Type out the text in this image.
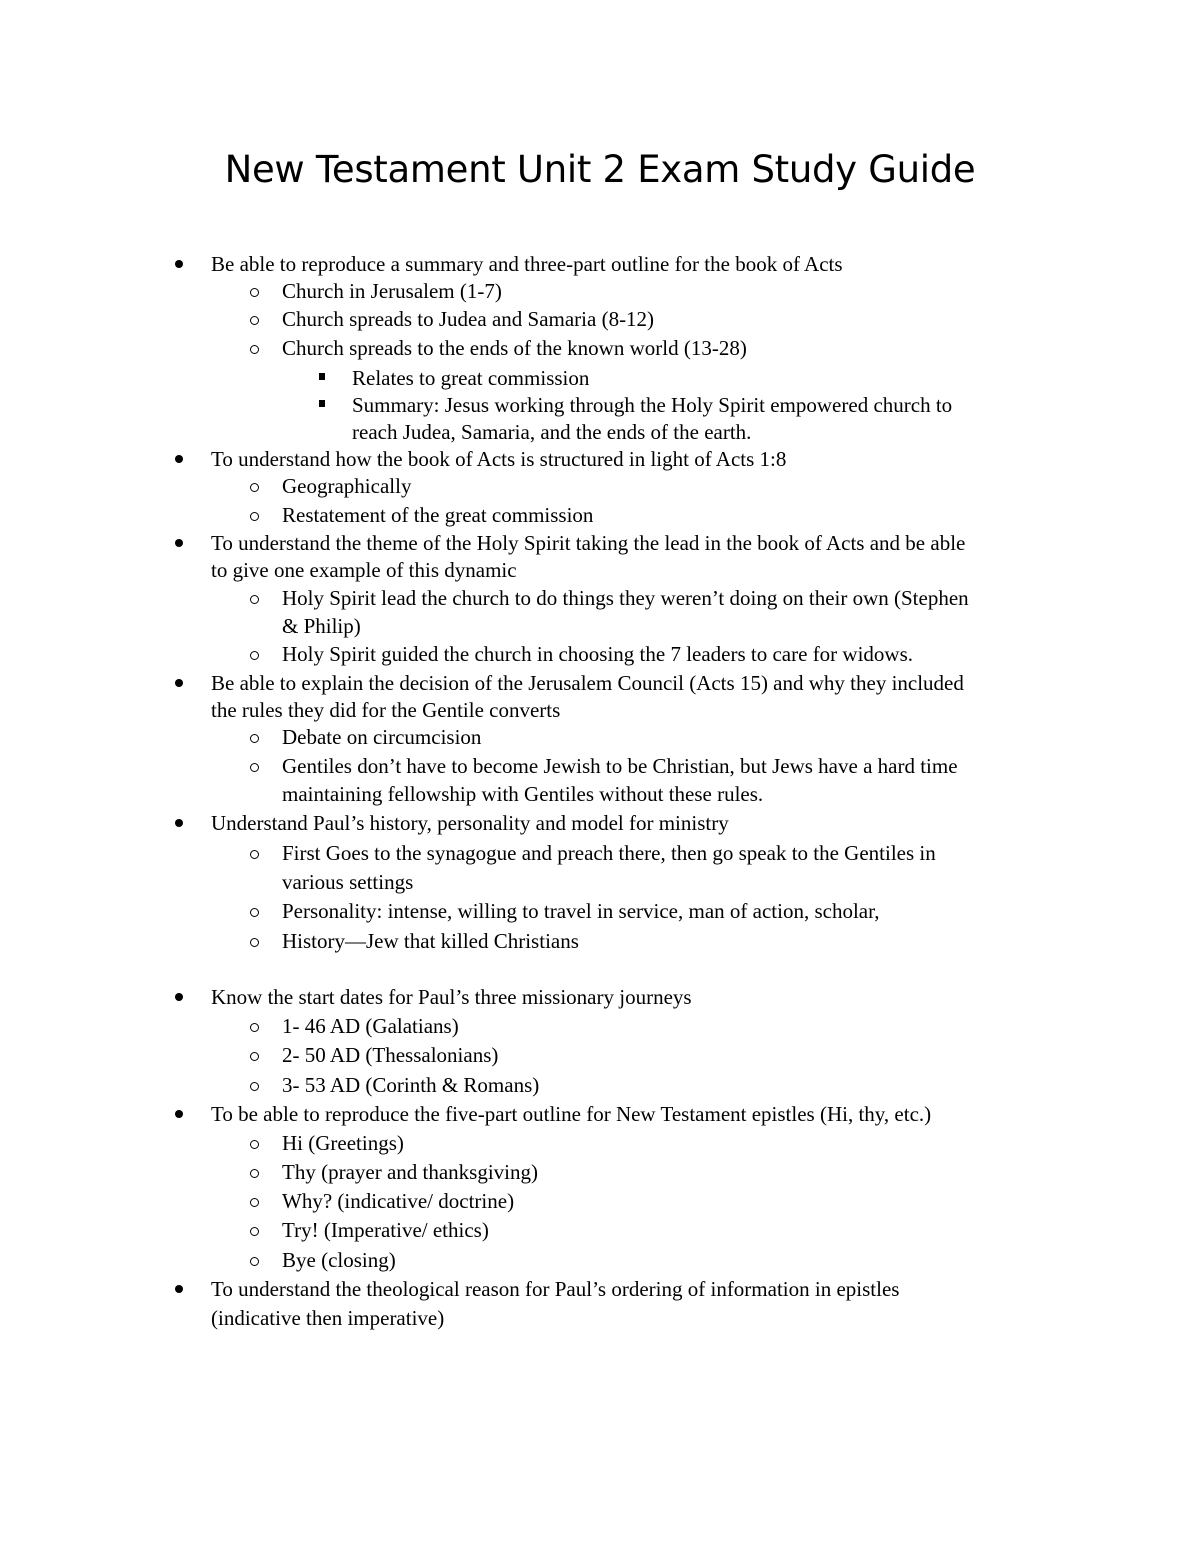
New Testament Unit 2 Exam Study Guide
Be able to reproduce a summary and three-part outline for the book of Acts
Church in Jerusalem (1-7)
Church spreads to Judea and Samaria (8-12)
Church spreads to the ends of the known world (13-28)
Relates to great commission
Summary: Jesus working through the Holy Spirit empowered church to
reach Judea, Samaria, and the ends of the earth.
To understand how the book of Acts is structured in light of Acts 1:8
Geographically
Restatement of the great commission
To understand the theme of the Holy Spirit taking the lead in the book of Acts and be able
to give one example of this dynamic
Holy Spirit lead the church to do things they weren’t doing on their own (Stephen
& Philip)
Holy Spirit guided the church in choosing the 7 leaders to care for widows.
Be able to explain the decision of the Jerusalem Council (Acts 15) and why they included
the rules they did for the Gentile converts
Debate on circumcision
Gentiles don’t have to become Jewish to be Christian, but Jews have a hard time
maintaining fellowship with Gentiles without these rules.
Understand Paul’s history, personality and model for ministry
First Goes to the synagogue and preach there, then go speak to the Gentiles in
various settings
Personality: intense, willing to travel in service, man of action, scholar,
History—Jew that killed Christians
Know the start dates for Paul’s three missionary journeys
1- 46 AD (Galatians)
2- 50 AD (Thessalonians)
3- 53 AD (Corinth & Romans)
To be able to reproduce the five-part outline for New Testament epistles (Hi, thy, etc.)
Hi (Greetings)
Thy (prayer and thanksgiving)
Why? (indicative/ doctrine)
Try! (Imperative/ ethics)
Bye (closing)
To understand the theological reason for Paul’s ordering of information in epistles
(indicative then imperative)
